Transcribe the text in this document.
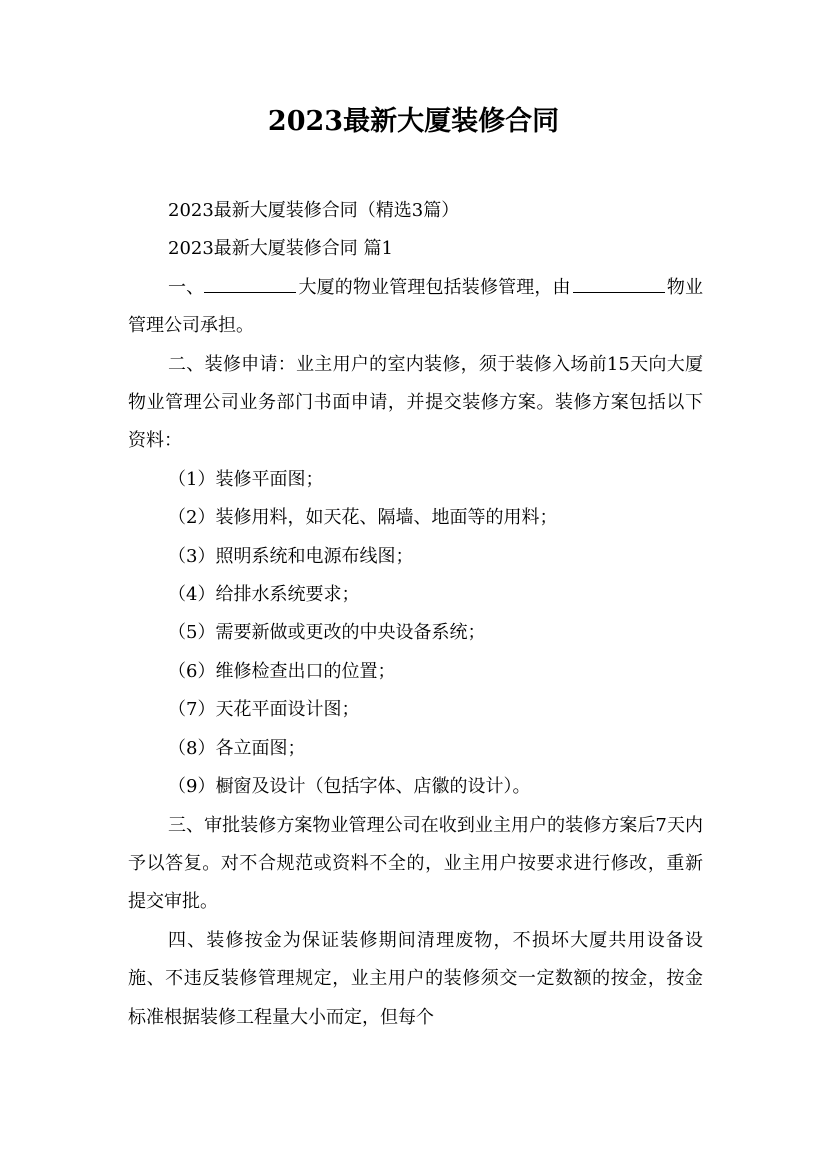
2023最新大厦装修合同

2023最新大厦装修合同（精选3篇）

2023最新大厦装修合同 篇1

一、	大厦的物业管理包括装修管理，由	物业管理公司承担。

二、装修申请：业主用户的室内装修，须于装修入场前15天向大厦物业管理公司业务部门书面申请，并提交装修方案。装修方案包括以下资料：

（1）装修平面图；

（2）装修用料，如天花、隔墙、地面等的用料；

（3）照明系统和电源布线图；

（4）给排水系统要求；

（5）需要新做或更改的中央设备系统；

（6）维修检查出口的位置；

（7）天花平面设计图；

（8）各立面图；

（9）橱窗及设计（包括字体、店徽的设计）。

三、审批装修方案物业管理公司在收到业主用户的装修方案后7天内予以答复。对不合规范或资料不全的，业主用户按要求进行修改，重新提交审批。

四、装修按金为保证装修期间清理废物，不损坏大厦共用设备设施、不违反装修管理规定，业主用户的装修须交一定数额的按金，按金标准根据装修工程量大小而定，但每个
